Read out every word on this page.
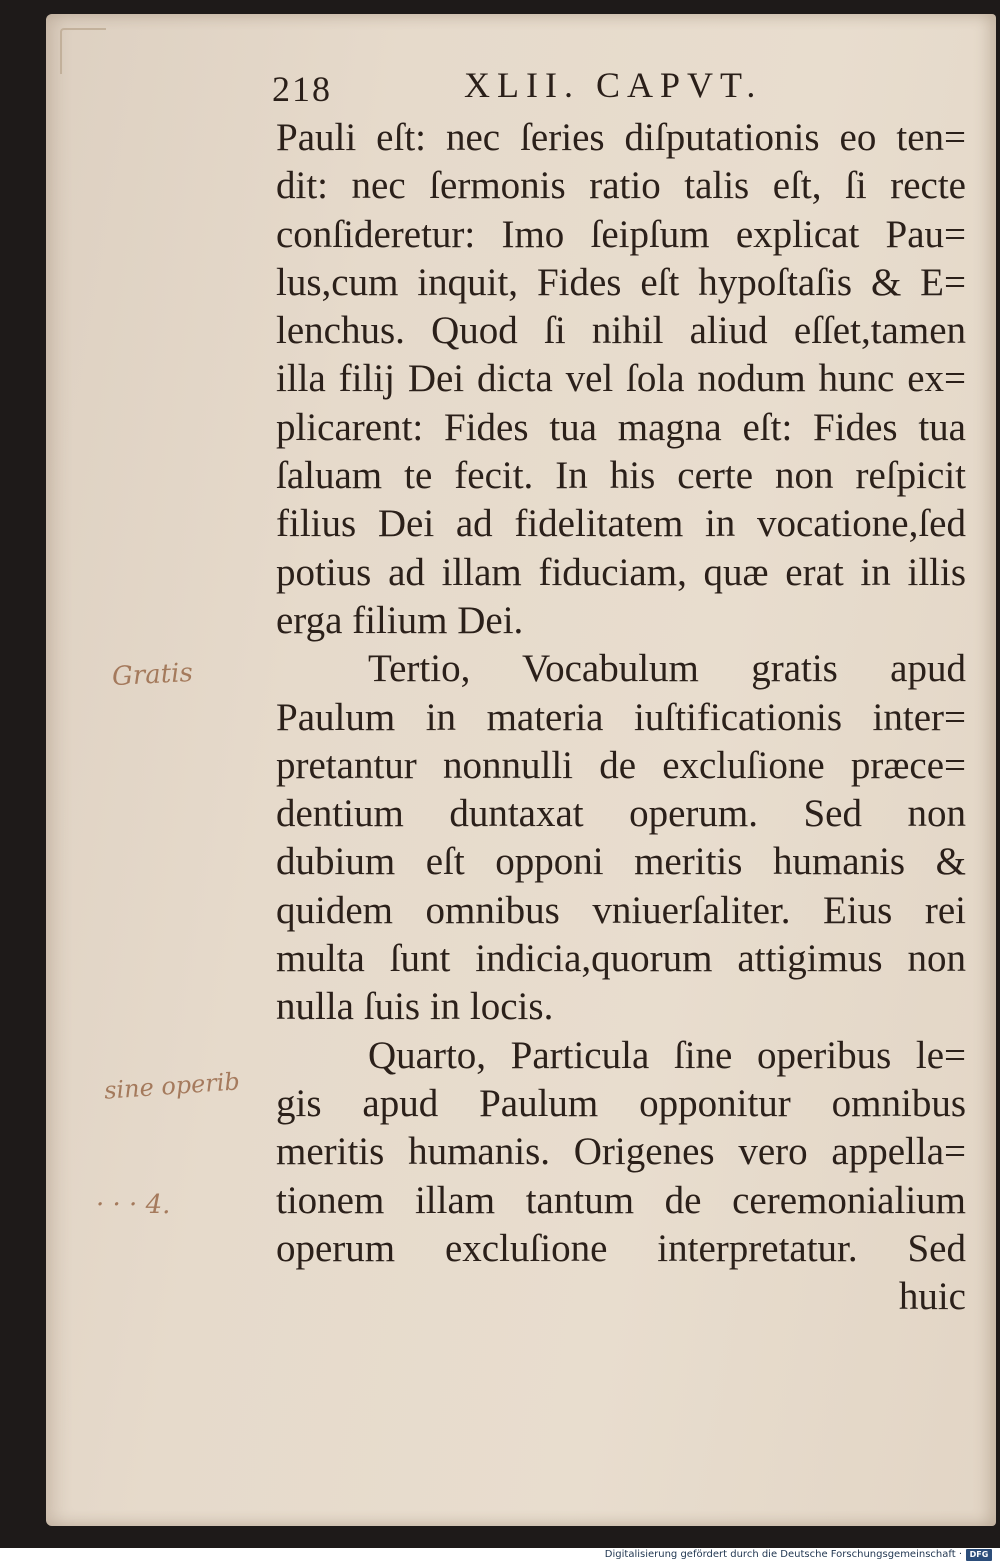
218	XLII. CAPVT.
Pauli eſt: nec ſeries diſputationis eo ten=
dit: nec ſermonis ratio talis eſt, ſi recte
conſideretur: Imo ſeipſum explicat Pau=
lus,cum inquit, Fides eſt hypoſtaſis & E=
lenchus. Quod ſi nihil aliud eſſet,tamen
illa filij Dei dicta vel ſola nodum hunc ex=
plicarent: Fides tua magna eſt: Fides tua
ſaluam te fecit. In his certe non reſpicit
filius Dei ad fidelitatem in vocatione,ſed
potius ad illam fiduciam, quæ erat in illis
erga filium Dei.
Tertio, Vocabulum gratis apud
Paulum in materia iuſtificationis inter=
pretantur nonnulli de excluſione præce=
dentium duntaxat operum. Sed non
dubium eſt opponi meritis humanis &
quidem omnibus vniuerſaliter. Eius rei
multa ſunt indicia,quorum attigimus non
nulla ſuis in locis.
Quarto, Particula ſine operibus le=
gis apud Paulum opponitur omnibus
meritis humanis. Origenes vero appella=
tionem illam tantum de ceremonialium
operum excluſione interpretatur. Sed
huic
Gratis
sine operib
· · · 4.
Digitalisierung gefördert durch die Deutsche Forschungsgemeinschaft · DFG
